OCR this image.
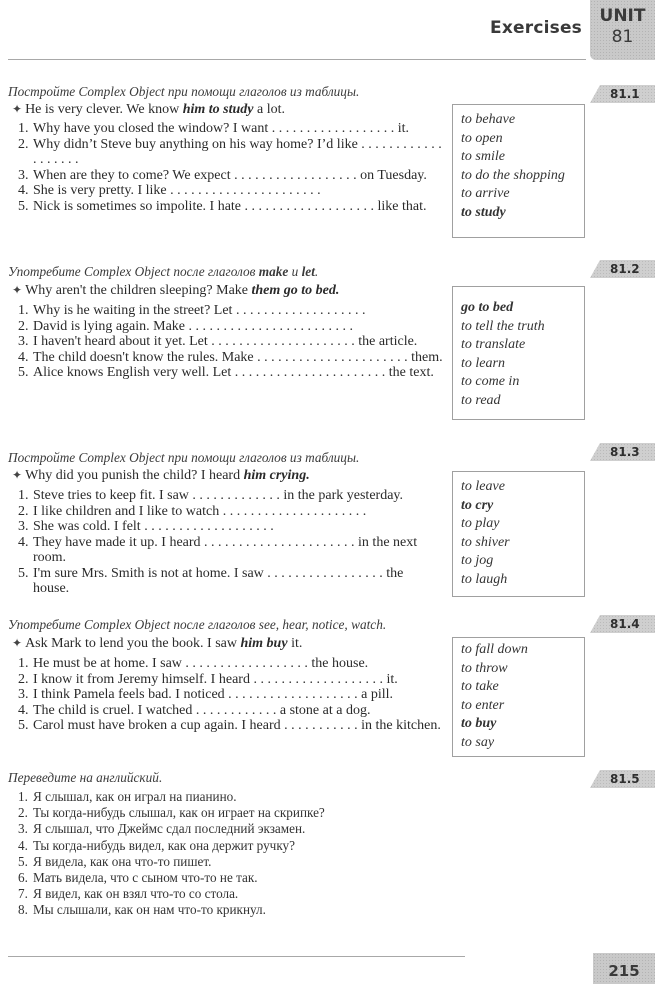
Exercises
UNIT
81
81.1
Постройте Complex Object при помощи глаголов из таблицы.
✦ He is very clever. We know him to study a lot.

1. Why have you closed the window? I want . . . . . . . . . . . . . . . . . . it.

2. Why didn’t Steve buy anything on his way home? I’d like . . . . . . . . . . . . . . . . . . .

3. When are they to come? We expect . . . . . . . . . . . . . . . . . . on Tuesday.

4. She is very pretty. I like . . . . . . . . . . . . . . . . . . . . . .

5. Nick is sometimes so impolite. I hate . . . . . . . . . . . . . . . . . . . like that.

to behave
to open
to smile
to do the shopping
to arrive
to study
81.2
Употребите Complex Object после глаголов make и let.
✦ Why aren't the children sleeping? Make them go to bed.

1. Why is he waiting in the street? Let . . . . . . . . . . . . . . . . . . .

2. David is lying again. Make . . . . . . . . . . . . . . . . . . . . . . . .

3. I haven't heard about it yet. Let . . . . . . . . . . . . . . . . . . . . . the article.

4. The child doesn't know the rules. Make . . . . . . . . . . . . . . . . . . . . . . them.

5. Alice knows English very well. Let . . . . . . . . . . . . . . . . . . . . . . the text.

go to bed
to tell the truth
to translate
to learn
to come in
to read
81.3
Постройте Complex Object при помощи глаголов из таблицы.
✦ Why did you punish the child? I heard him crying.

1. Steve tries to keep fit. I saw . . . . . . . . . . . . . in the park yesterday.

2. I like children and I like to watch . . . . . . . . . . . . . . . . . . . . .

3. She was cold. I felt . . . . . . . . . . . . . . . . . . .

4. They have made it up. I heard . . . . . . . . . . . . . . . . . . . . . . in the next room.

5. I'm sure Mrs. Smith is not at home. I saw . . . . . . . . . . . . . . . . . the house.

to leave
to cry
to play
to shiver
to jog
to laugh
81.4
Употребите Complex Object после глаголов see, hear, notice, watch.
✦ Ask Mark to lend you the book. I saw him buy it.

1. He must be at home. I saw . . . . . . . . . . . . . . . . . . the house.

2. I know it from Jeremy himself. I heard . . . . . . . . . . . . . . . . . . . it.

3. I think Pamela feels bad. I noticed . . . . . . . . . . . . . . . . . . . a pill.

4. The child is cruel. I watched . . . . . . . . . . . . a stone at a dog.

5. Carol must have broken a cup again. I heard . . . . . . . . . . . in the kitchen.

to fall down
to throw
to take
to enter
to buy
to say
81.5
Переведите на английский.

1. Я слышал, как он играл на пианино.

2. Ты когда-нибудь слышал, как он играет на скрипке?

3. Я слышал, что Джеймс сдал последний экзамен.

4. Ты когда-нибудь видел, как она держит ручку?

5. Я видела, как она что-то пишет.

6. Мать видела, что с сыном что-то не так.

7. Я видел, как он взял что-то со стола.

8. Мы слышали, как он нам что-то крикнул.

215
